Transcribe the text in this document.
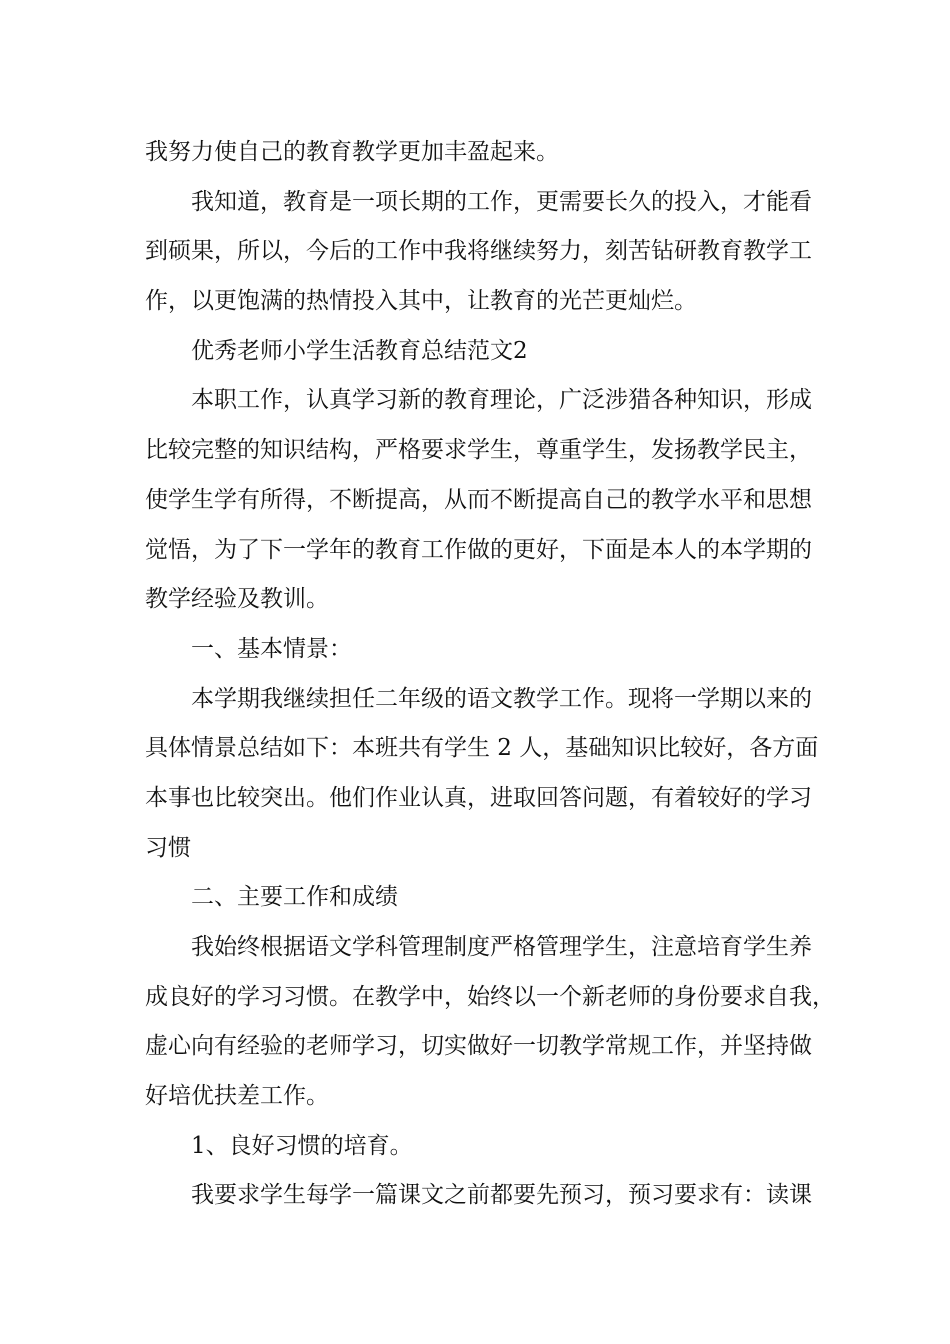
我努力使自己的教育教学更加丰盈起来。

我知道，教育是一项长期的工作，更需要长久的投入，才能看
到硕果，所以，今后的工作中我将继续努力，刻苦钻研教育教学工
作，以更饱满的热情投入其中，让教育的光芒更灿烂。

优秀老师小学生活教育总结范文2

本职工作，认真学习新的教育理论，广泛涉猎各种知识，形成
比较完整的知识结构，严格要求学生，尊重学生，发扬教学民主，
使学生学有所得，不断提高，从而不断提高自己的教学水平和思想
觉悟，为了下一学年的教育工作做的更好，下面是本人的本学期的
教学经验及教训。

一、基本情景：

本学期我继续担任二年级的语文教学工作。现将一学期以来的
具体情景总结如下：本班共有学生 2 人，基础知识比较好，各方面
本事也比较突出。他们作业认真，进取回答问题，有着较好的学习
习惯

二、主要工作和成绩

我始终根据语文学科管理制度严格管理学生，注意培育学生养
成良好的学习习惯。在教学中，始终以一个新老师的身份要求自我，
虚心向有经验的老师学习，切实做好一切教学常规工作，并坚持做
好培优扶差工作。

1、良好习惯的培育。

我要求学生每学一篇课文之前都要先预习，预习要求有：读课
